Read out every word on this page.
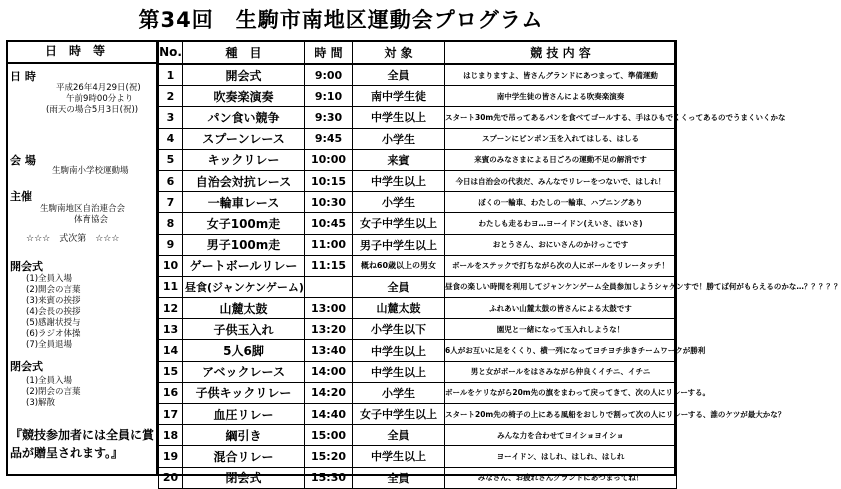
第34回　生駒市南地区運動会プログラム
日時等
日 時
平成26年4月29日(祝)
午前9時00分より
(雨天の場合5月3日(祝))
会 場
生駒南小学校運動場
主催
生駒南地区自治連合会
体育協会
☆☆☆　式次第　☆☆☆
開会式
(1)全員入場
(2)開会の言葉
(3)来賓の挨拶
(4)会長の挨拶
(5)感謝状授与
(6)ラジオ体操
(7)全員退場
閉会式
(1)全員入場
(2)閉会の言葉
(3)解散
『競技参加者には全員に賞品が贈呈されます。』
No.	種　目	時 間	対 象	競 技 内 容
1	開会式	9:00	全員	はじまりますよ、皆さんグランドにあつまって、準備運動
2	吹奏楽演奏	9:10	南中学生徒	南中学生徒の皆さんによる吹奏楽演奏
3	パン食い競争	9:30	中学生以上	スタート30m先で吊ってあるパンを食べてゴールする、手はひもでくくってあるのでうまくいくかな
4	スプーンレース	9:45	小学生	スプーンにピンポン玉を入れてはしる、はしる
5	キックリレー	10:00	来賓	来賓のみなさまによる日ごろの運動不足の解消です
6	自治会対抗レース	10:15	中学生以上	今日は自治会の代表だ、みんなでリレーをつないで、はしれ！
7	一輪車レース	10:30	小学生	ぼくの一輪車、わたしの一輪車、ハプニングあり
8	女子100m走	10:45	女子中学生以上	わたしも走るわヨ…ヨーイドン(えいさ、ほいさ)
9	男子100m走	11:00	男子中学生以上	おとうさん、おにいさんのかけっこです
10	ゲートボールリレー	11:15	概ね60歳以上の男女	ボールをステックで打ちながら次の人にボールをリレータッチ！
11	昼食(ジャンケンゲーム)		全員	昼食の楽しい時間を利用してジャンケンゲーム全員参加しようシャケンすで！勝てば何がもらえるのかな…？？？？？
12	山麓太鼓	13:00	山麓太鼓	ふれあい山麓太鼓の皆さんによる太鼓です
13	子供玉入れ	13:20	小学生以下	園児と一緒になって玉入れしような！
14	5人6脚	13:40	中学生以上	6人がお互いに足をくくり、横一列になってヨチヨチ歩きチームワークが勝利
15	アベックレース	14:00	中学生以上	男と女がボールをはさみながら仲良くイチニ、イチニ
16	子供キックリレー	14:20	小学生	ボールをケリながら20m先の旗をまわって戻ってきて、次の人にリレーする。
17	血圧リレー	14:40	女子中学生以上	スタート20m先の椅子の上にある風船をおしりで割って次の人にリレーする、誰のケツが最大かな？
18	綱引き	15:00	全員	みんな力を合わせてヨイショヨイショ
19	混合リレー	15:20	中学生以上	ヨーイドン、はしれ、はしれ、はしれ
20	閉会式	15:30	全員	みなさん、お疲れさんグランドにあつまってね！
